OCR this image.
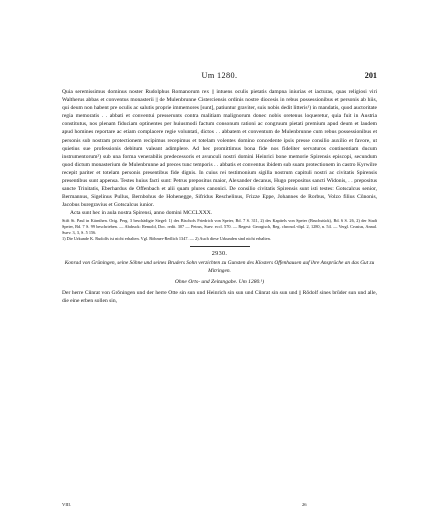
Um 1280.	201

Quia seremissimus dominus noster Rudolphus Romanorum rex || intuens oculis pietatis dampna iniurias et iacturas, quas religiosi viri Waltherus abbas et conventus monasterii || de Mulenbrunne Cisterciensis ordinis nostre diocesis in rebus possessionibus et personis ab hiis, qui deum non habent pre oculis ac salutis proprie immemores [sunt], patiuntur graviter, suis nobis dedit litteris¹) in mandatis, quod auctoritate regia memoratis . . abbati et conventui presserunts contra malitiam malignorum donec nobis oretenus loqueretur, quia fuit in Austria constitutus, nos plenam fiduciam optinentes per huiusmodi factum consonum rationi ac congruum pietati premium apud deum et laudem apud homines reportare ac etiam complacere regie voluntati, dictos . . abbatem et conventum de Mulenbrunne cum rebus possessionibus et personis sub nostram protectionem recipimus recepimus et totelam volentes domino concedente ipsis presse consilio auxilio et favore, ut quietius sue professionis debitum valeant adimplere. Ad hec promittimus bona fide nos fideliter servaturos continentiam ducum instrumentorum²) sub una forma venerabilis predecessoris et avunculi nostri domini Heinrici bone memorie Spirensis episcopi, secundum quod dictum monasterium de Mulenbrunne ad preces tunc temporis . . abbatis et conventus ibidem sub suam protectionem in castro Kyrwilre recepit pariter et totelam personis presentibus fide dignis. In cuius rei testimonium sigilla nostrum capituli nostri ac civitatis Spirensis presentibus sunt appensa. Testes huius facti sunt: Petrus prepositus maior, Alexander decanus, Hugo prepositus sancti Widonis, . . prepositus sancte Trinitatis, Eberhardus de Offenbach et alii quam plures canonici. De consilio civitatis Spirensis sunt isti testes: Gotscalcus senior, Bermannus, Sigelinus Pullus, Bernbohus de Hohenegge, Sifridus Reschelinus, Frizze Eppe, Johannes de Rorbus, Volzo filius Cůnonis, Jacobus buregravius et Gotscalcus iunior.

Acta sunt hec in aula nostra Spirensi, anno domini MCCLXXX.

Stift St. Paul in Kärnthen. Orig. Perg. 3 beschädigte Siegel: 1) des Bischofs Friedrich von Speier, Bd. 7 S. 311, 2) des Kapitels von Speier (Bruchstück), Bd. 6 S. 26, 2) der Stadt Speier, Bd. 7 S. 99 beschrieben. — Abdruck: Remold, Doc. redit. 307 — Petrus, Suev. eccl. 570. — Regest: Georgisch, Reg. chronol.-dipl. 2, 1280, n. 54. — Vergl. Crusius, Annal. Suev. 3, 3, S. 5 156.

1) Die Urkunde K. Rudolfs ist nicht erhalten. Vgl. Böhmer-Redlich 1347. — 2) Auch diese Urkunden sind nicht erhalten.

2930.

Konrad von Grüningen, seine Söhne und seines Bruders Sohn verzichten zu Gunsten des Klosters Offenhausen auf ihre Ansprüche an das Gut zu Mitringen.

Ohne Orts- und Zeitangabe. Um 1280.¹)

Der herre Cůnrat von Grǒningen und der herre Otte sin sun und Heinrich sin sun und Cůnrat sin sun und || Rǒdolf sines brǔder sun und alle, die eine erben sollen sin,

VIII.	26
